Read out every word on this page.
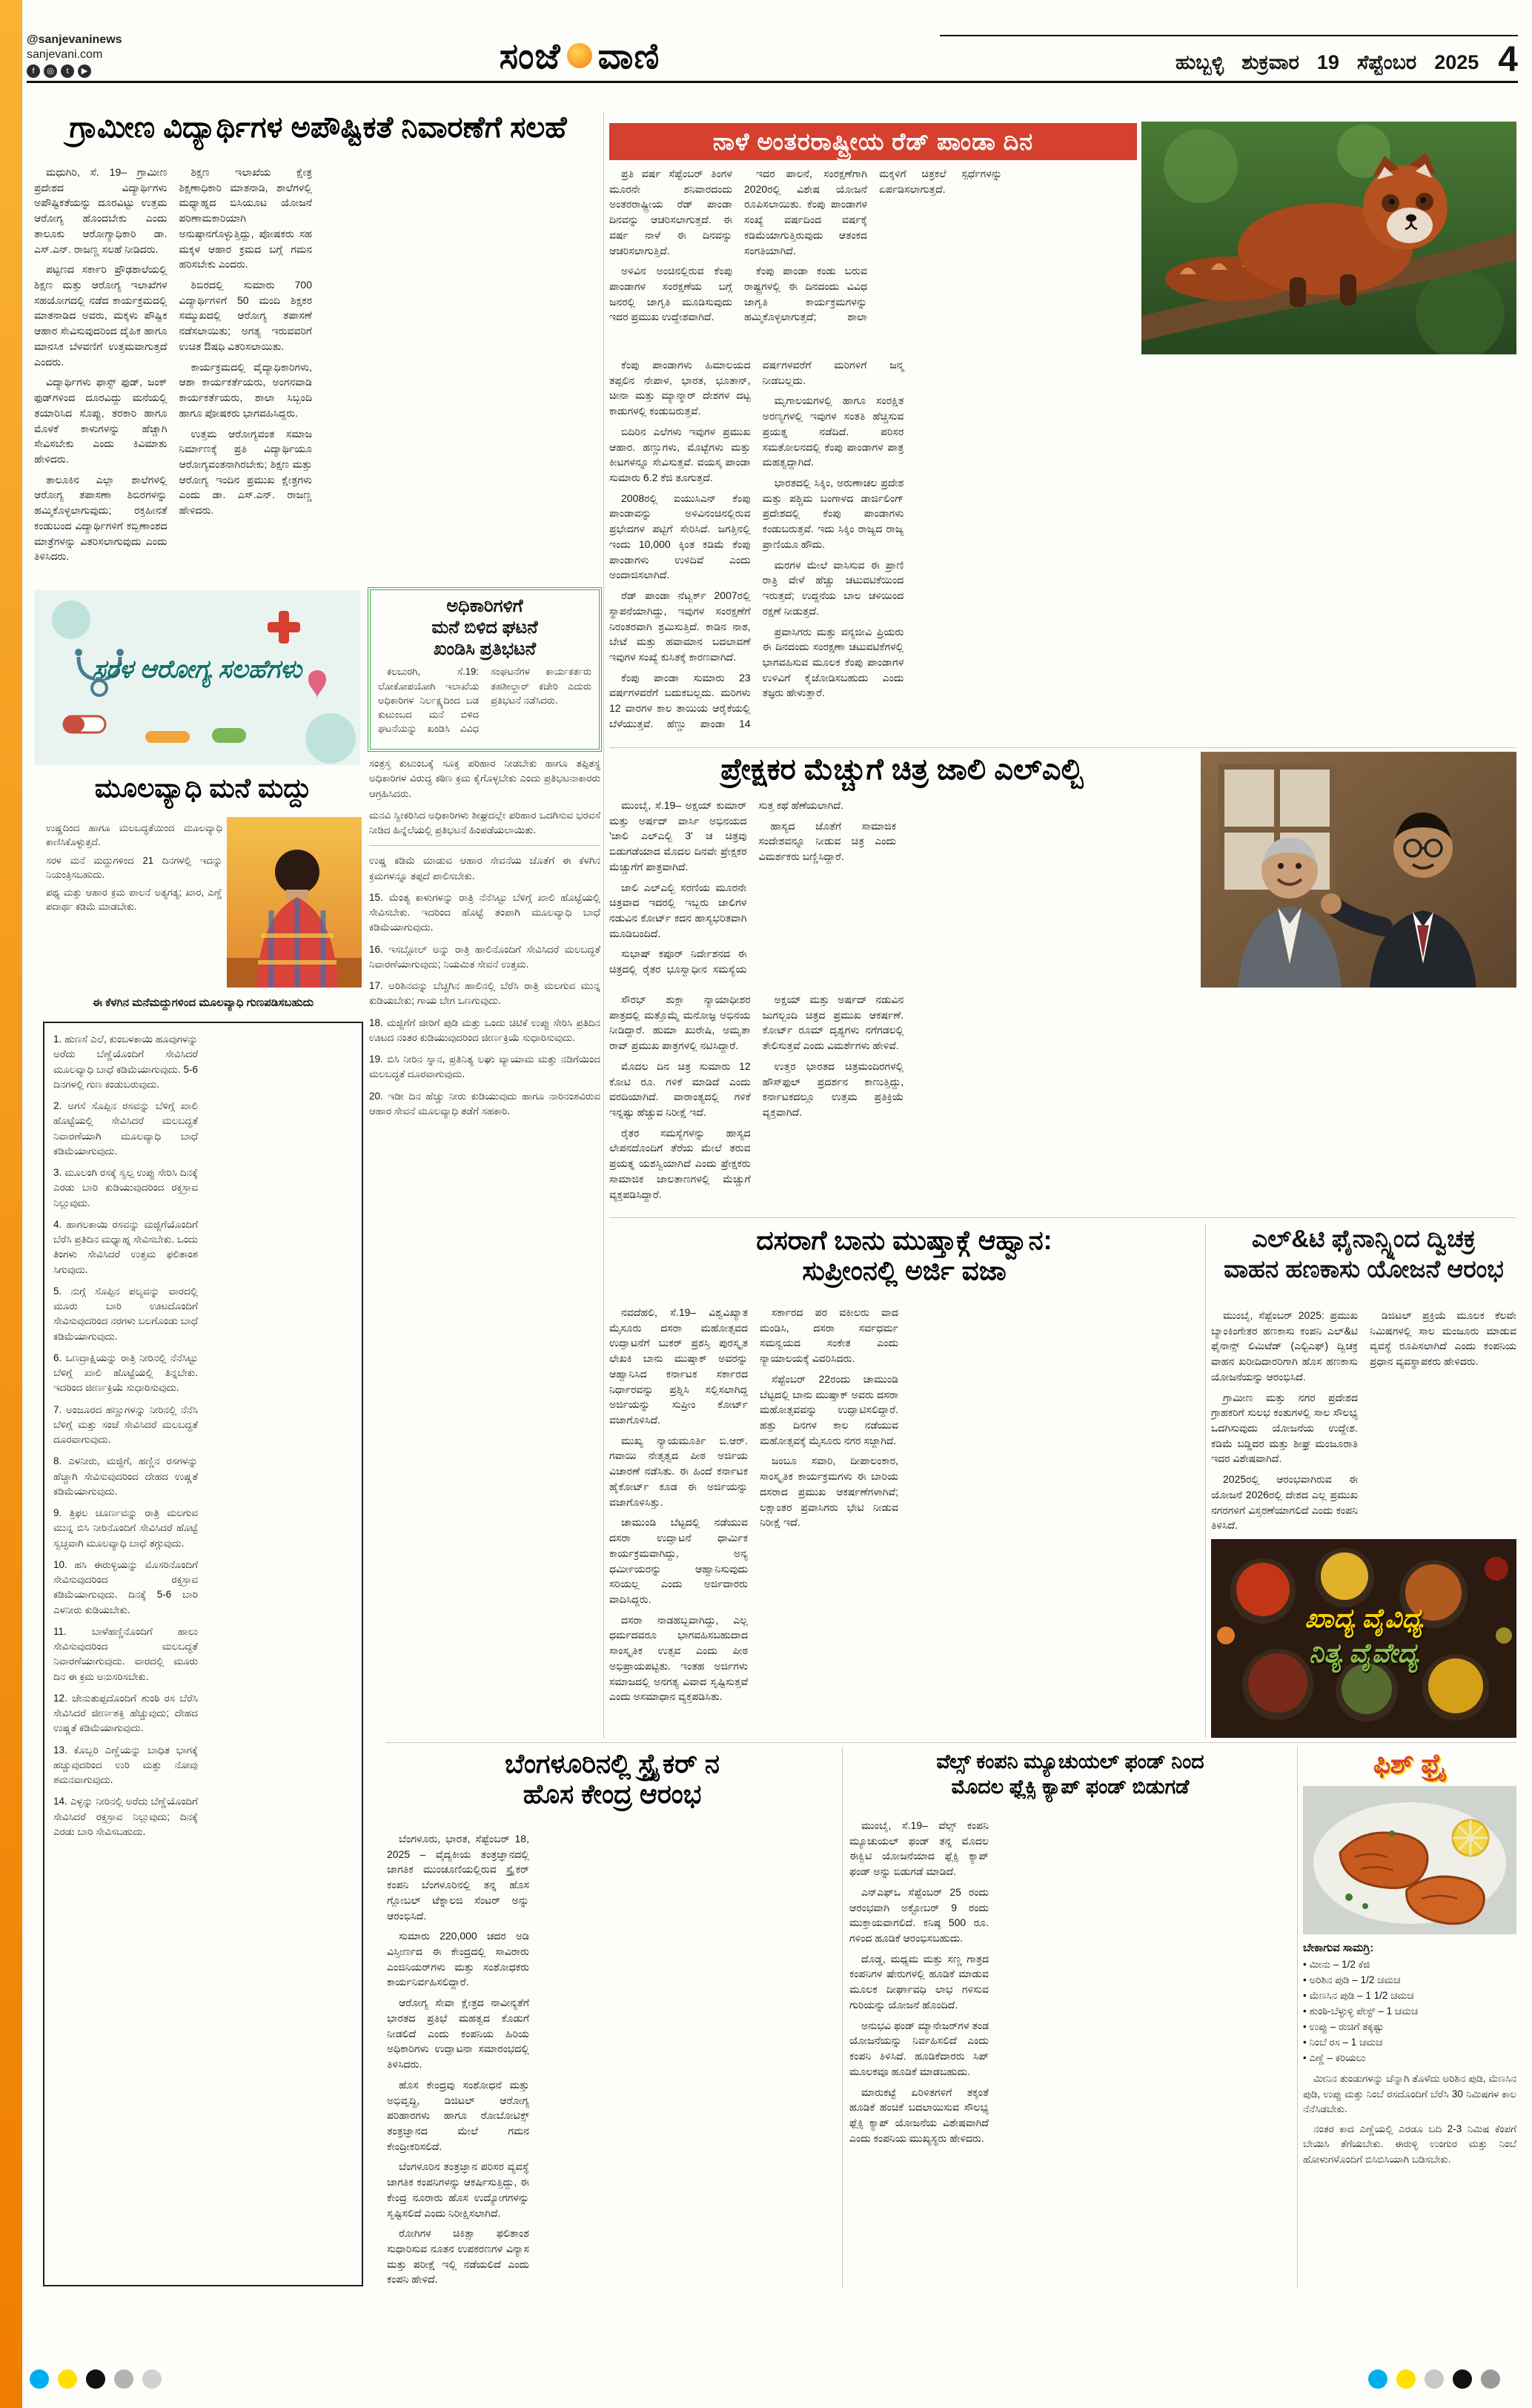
@sanjevaninews
sanjevani.com
f	◎	t	▶	ಸಂಜೆ ವಾಣಿ	ಹುಬ್ಬಳ್ಳಿ ಶುಕ್ರವಾರ 19 ಸೆಪ್ಟೆಂಬರ 2025 4
ಗ್ರಾಮೀಣ ವಿದ್ಯಾರ್ಥಿಗಳ ಅಪೌಷ್ಟಿಕತೆ ನಿವಾರಣೆಗೆ ಸಲಹೆ

ಮಧುಗಿರಿ, ಸೆ. 19– ಗ್ರಾಮೀಣ ಪ್ರದೇಶದ ವಿದ್ಯಾರ್ಥಿಗಳು ಅಪೌಷ್ಟಿಕತೆಯನ್ನು ದೂರವಿಟ್ಟು ಉತ್ತಮ ಆರೋಗ್ಯ ಹೊಂದಬೇಕು ಎಂದು ತಾಲೂಕು ಆರೋಗ್ಯಾಧಿಕಾರಿ ಡಾ. ಎಸ್.ಎನ್. ರಾಜಣ್ಣ ಸಲಹೆ ನೀಡಿದರು.

ಪಟ್ಟಣದ ಸರ್ಕಾರಿ ಪ್ರೌಢಶಾಲೆಯಲ್ಲಿ ಶಿಕ್ಷಣ ಮತ್ತು ಆರೋಗ್ಯ ಇಲಾಖೆಗಳ ಸಹಯೋಗದಲ್ಲಿ ನಡೆದ ಕಾರ್ಯಕ್ರಮದಲ್ಲಿ ಮಾತನಾಡಿದ ಅವರು, ಮಕ್ಕಳು ಪೌಷ್ಟಿಕ ಆಹಾರ ಸೇವಿಸುವುದರಿಂದ ದೈಹಿಕ ಹಾಗೂ ಮಾನಸಿಕ ಬೆಳವಣಿಗೆ ಉತ್ತಮವಾಗುತ್ತದೆ ಎಂದರು.

ವಿದ್ಯಾರ್ಥಿಗಳು ಫಾಸ್ಟ್ ಫುಡ್, ಜಂಕ್ ಫುಡ್‌ಗಳಿಂದ ದೂರವಿದ್ದು ಮನೆಯಲ್ಲಿ ತಯಾರಿಸಿದ ಸೊಪ್ಪು, ತರಕಾರಿ ಹಾಗೂ ಮೊಳಕೆ ಕಾಳುಗಳನ್ನು ಹೆಚ್ಚಾಗಿ ಸೇವಿಸಬೇಕು ಎಂದು ಕಿವಿಮಾತು ಹೇಳಿದರು.

ತಾಲೂಕಿನ ಎಲ್ಲಾ ಶಾಲೆಗಳಲ್ಲಿ ಆರೋಗ್ಯ ತಪಾಸಣಾ ಶಿಬಿರಗಳನ್ನು ಹಮ್ಮಿಕೊಳ್ಳಲಾಗುವುದು; ರಕ್ತಹೀನತೆ ಕಂಡುಬಂದ ವಿದ್ಯಾರ್ಥಿಗಳಿಗೆ ಕಬ್ಬಿಣಾಂಶದ ಮಾತ್ರೆಗಳನ್ನು ವಿತರಿಸಲಾಗುವುದು ಎಂದು ತಿಳಿಸಿದರು.

ಶಿಕ್ಷಣ ಇಲಾಖೆಯ ಕ್ಷೇತ್ರ ಶಿಕ್ಷಣಾಧಿಕಾರಿ ಮಾತನಾಡಿ, ಶಾಲೆಗಳಲ್ಲಿ ಮಧ್ಯಾಹ್ನದ ಬಿಸಿಯೂಟ ಯೋಜನೆ ಪರಿಣಾಮಕಾರಿಯಾಗಿ ಅನುಷ್ಠಾನಗೊಳ್ಳುತ್ತಿದ್ದು, ಪೋಷಕರು ಸಹ ಮಕ್ಕಳ ಆಹಾರ ಕ್ರಮದ ಬಗ್ಗೆ ಗಮನ ಹರಿಸಬೇಕು ಎಂದರು.

ಶಿಬಿರದಲ್ಲಿ ಸುಮಾರು 700 ವಿದ್ಯಾರ್ಥಿಗಳಿಗೆ 50 ಮಂದಿ ಶಿಕ್ಷಕರ ಸಮ್ಮುಖದಲ್ಲಿ ಆರೋಗ್ಯ ತಪಾಸಣೆ ನಡೆಸಲಾಯಿತು; ಅಗತ್ಯ ಇರುವವರಿಗೆ ಉಚಿತ ಔಷಧಿ ವಿತರಿಸಲಾಯಿತು.

ಕಾರ್ಯಕ್ರಮದಲ್ಲಿ ವೈದ್ಯಾಧಿಕಾರಿಗಳು, ಆಶಾ ಕಾರ್ಯಕರ್ತೆಯರು, ಅಂಗನವಾಡಿ ಕಾರ್ಯಕರ್ತೆಯರು, ಶಾಲಾ ಸಿಬ್ಬಂದಿ ಹಾಗೂ ಪೋಷಕರು ಭಾಗವಹಿಸಿದ್ದರು.

ಉತ್ತಮ ಆರೋಗ್ಯವಂತ ಸಮಾಜ ನಿರ್ಮಾಣಕ್ಕೆ ಪ್ರತಿ ವಿದ್ಯಾರ್ಥಿಯೂ ಆರೋಗ್ಯವಂತನಾಗಿರಬೇಕು; ಶಿಕ್ಷಣ ಮತ್ತು ಆರೋಗ್ಯ ಇಂದಿನ ಪ್ರಮುಖ ಕ್ಷೇತ್ರಗಳು ಎಂದು ಡಾ. ಎಸ್.ಎನ್. ರಾಜಣ್ಣ ಹೇಳಿದರು.

ಸರಳ ಆರೋಗ್ಯ ಸಲಹೆಗಳು

ಅಧಿಕಾರಿಗಳಿಗೆ

ಮನೆ ಬಿಳಿದ ಘಟನೆ

ಖಂಡಿಸಿ ಪ್ರತಿಭಟನೆ

ಕಲಬುರಗಿ, ಸೆ.19: ಲೋಕೋಪಯೋಗಿ ಇಲಾಖೆಯ ಅಧಿಕಾರಿಗಳ ನಿರ್ಲಕ್ಷ್ಯದಿಂದ ಬಡ ಕುಟುಂಬದ ಮನೆ ಬಿಳಿದ ಘಟನೆಯನ್ನು ಖಂಡಿಸಿ ವಿವಿಧ ಸಂಘಟನೆಗಳ ಕಾರ್ಯಕರ್ತರು ತಹಶೀಲ್ದಾರ್ ಕಚೇರಿ ಎದುರು ಪ್ರತಿಭಟನೆ ನಡೆಸಿದರು.

ಮೂಲವ್ಯಾಧಿ ಮನೆ ಮದ್ದು

ಉಷ್ಣದಿಂದ ಹಾಗೂ ಮಲಬದ್ಧತೆಯಿಂದ ಮೂಲವ್ಯಾಧಿ ಕಾಣಿಸಿಕೊಳ್ಳುತ್ತದೆ.

ಸರಳ ಮನೆ ಮದ್ದುಗಳಿಂದ 21 ದಿನಗಳಲ್ಲಿ ಇದನ್ನು ನಿಯಂತ್ರಿಸಬಹುದು.

ಪಥ್ಯ ಮತ್ತು ಆಹಾರ ಕ್ರಮ ಪಾಲನೆ ಅತ್ಯಗತ್ಯ; ಖಾರ, ಎಣ್ಣೆ ಪದಾರ್ಥ ಕಡಿಮೆ ಮಾಡಬೇಕು.

ಈ ಕೆಳಗಿನ ಮನೆಮದ್ದುಗಳಿಂದ ಮೂಲವ್ಯಾಧಿ ಗುಣಪಡಿಸಬಹುದು

1. ಹುಣಸೆ ಎಲೆ, ಕುಂಬಳಕಾಯಿ ಹೂವುಗಳನ್ನು ಅರೆದು ಬೆಣ್ಣೆಯೊಂದಿಗೆ ಸೇವಿಸಿದರೆ ಮೂಲವ್ಯಾಧಿ ಬಾಧೆ ಕಡಿಮೆಯಾಗುವುದು. 5-6 ದಿನಗಳಲ್ಲಿ ಗುಣ ಕಂಡುಬರುವುದು.

2. ಅಗಸೆ ಸೊಪ್ಪಿನ ರಸವನ್ನು ಬೆಳಿಗ್ಗೆ ಖಾಲಿ ಹೊಟ್ಟೆಯಲ್ಲಿ ಸೇವಿಸಿದರೆ ಮಲಬದ್ಧತೆ ನಿವಾರಣೆಯಾಗಿ ಮೂಲವ್ಯಾಧಿ ಬಾಧೆ ಕಡಿಮೆಯಾಗುವುದು.

3. ಮೂಲಂಗಿ ರಸಕ್ಕೆ ಸ್ವಲ್ಪ ಉಪ್ಪು ಸೇರಿಸಿ ದಿನಕ್ಕೆ ಎರಡು ಬಾರಿ ಕುಡಿಯುವುದರಿಂದ ರಕ್ತಸ್ರಾವ ನಿಲ್ಲುವುದು.

4. ಹಾಗಲಕಾಯಿ ರಸವನ್ನು ಮಜ್ಜಿಗೆಯೊಂದಿಗೆ ಬೆರೆಸಿ ಪ್ರತಿದಿನ ಮಧ್ಯಾಹ್ನ ಸೇವಿಸಬೇಕು. ಒಂದು ತಿಂಗಳು ಸೇವಿಸಿದರೆ ಉತ್ತಮ ಫಲಿತಾಂಶ ಸಿಗುವುದು.

5. ನುಗ್ಗೆ ಸೊಪ್ಪಿನ ಪಲ್ಯವನ್ನು ವಾರದಲ್ಲಿ ಮೂರು ಬಾರಿ ಊಟದೊಂದಿಗೆ ಸೇವಿಸುವುದರಿಂದ ನರಗಳು ಬಲಗೊಂಡು ಬಾಧೆ ಕಡಿಮೆಯಾಗುವುದು.

6. ಒಣದ್ರಾಕ್ಷಿಯನ್ನು ರಾತ್ರಿ ನೀರಿನಲ್ಲಿ ನೆನೆಸಿಟ್ಟು ಬೆಳಿಗ್ಗೆ ಖಾಲಿ ಹೊಟ್ಟೆಯಲ್ಲಿ ತಿನ್ನಬೇಕು. ಇದರಿಂದ ಜೀರ್ಣಕ್ರಿಯೆ ಸುಧಾರಿಸುವುದು.

7. ಅಂಜೂರದ ಹಣ್ಣುಗಳನ್ನು ನೀರಿನಲ್ಲಿ ನೆನೆಸಿ ಬೆಳಿಗ್ಗೆ ಮತ್ತು ಸಂಜೆ ಸೇವಿಸಿದರೆ ಮಲಬದ್ಧತೆ ದೂರವಾಗುವುದು.

8. ಎಳನೀರು, ಮಜ್ಜಿಗೆ, ಹಣ್ಣಿನ ರಸಗಳನ್ನು ಹೆಚ್ಚಾಗಿ ಸೇವಿಸುವುದರಿಂದ ದೇಹದ ಉಷ್ಣತೆ ಕಡಿಮೆಯಾಗುವುದು.

9. ತ್ರಿಫಲ ಚೂರ್ಣವನ್ನು ರಾತ್ರಿ ಮಲಗುವ ಮುನ್ನ ಬಿಸಿ ನೀರಿನೊಂದಿಗೆ ಸೇವಿಸಿದರೆ ಹೊಟ್ಟೆ ಸ್ವಚ್ಛವಾಗಿ ಮೂಲವ್ಯಾಧಿ ಬಾಧೆ ತಗ್ಗುವುದು.

10. ಹಸಿ ಈರುಳ್ಳಿಯನ್ನು ಮೊಸರಿನೊಂದಿಗೆ ಸೇವಿಸುವುದರಿಂದ ರಕ್ತಸ್ರಾವ ಕಡಿಮೆಯಾಗುವುದು. ದಿನಕ್ಕೆ 5-6 ಬಾರಿ ಎಳನೀರು ಕುಡಿಯಬೇಕು.

11. ಬಾಳೆಹಣ್ಣಿನೊಂದಿಗೆ ಹಾಲು ಸೇವಿಸುವುದರಿಂದ ಮಲಬದ್ಧತೆ ನಿವಾರಣೆಯಾಗುವುದು. ವಾರದಲ್ಲಿ ಮೂರು ದಿನ ಈ ಕ್ರಮ ಅನುಸರಿಸಬೇಕು.

12. ಜೇನುತುಪ್ಪದೊಂದಿಗೆ ಶುಂಠಿ ರಸ ಬೆರೆಸಿ ಸೇವಿಸಿದರೆ ಜೀರ್ಣಶಕ್ತಿ ಹೆಚ್ಚುವುದು; ದೇಹದ ಉಷ್ಣತೆ ಕಡಿಮೆಯಾಗುವುದು.

13. ಕೊಬ್ಬರಿ ಎಣ್ಣೆಯನ್ನು ಬಾಧಿತ ಭಾಗಕ್ಕೆ ಹಚ್ಚುವುದರಿಂದ ಉರಿ ಮತ್ತು ನೋವು ಶಮನವಾಗುವುದು.

14. ಎಳ್ಳನ್ನು ನೀರಿನಲ್ಲಿ ಅರೆದು ಬೆಣ್ಣೆಯೊಂದಿಗೆ ಸೇವಿಸಿದರೆ ರಕ್ತಸ್ರಾವ ನಿಲ್ಲುವುದು; ದಿನಕ್ಕೆ ಎರಡು ಬಾರಿ ಸೇವಿಸಬಹುದು.

ಸಂತ್ರಸ್ತ ಕುಟುಂಬಕ್ಕೆ ಸೂಕ್ತ ಪರಿಹಾರ ನೀಡಬೇಕು ಹಾಗೂ ತಪ್ಪಿತಸ್ಥ ಅಧಿಕಾರಿಗಳ ವಿರುದ್ಧ ಕಠಿಣ ಕ್ರಮ ಕೈಗೊಳ್ಳಬೇಕು ಎಂದು ಪ್ರತಿಭಟನಾಕಾರರು ಆಗ್ರಹಿಸಿದರು.

ಮನವಿ ಸ್ವೀಕರಿಸಿದ ಅಧಿಕಾರಿಗಳು ಶೀಘ್ರದಲ್ಲೇ ಪರಿಹಾರ ಒದಗಿಸುವ ಭರವಸೆ ನೀಡಿದ ಹಿನ್ನೆಲೆಯಲ್ಲಿ ಪ್ರತಿಭಟನೆ ಹಿಂಪಡೆಯಲಾಯಿತು.

ಉಷ್ಣ ಕಡಿಮೆ ಮಾಡುವ ಆಹಾರ ಸೇವನೆಯ ಜೊತೆಗೆ ಈ ಕೆಳಗಿನ ಕ್ರಮಗಳನ್ನೂ ತಪ್ಪದೆ ಪಾಲಿಸಬೇಕು.

15. ಮೆಂತ್ಯ ಕಾಳುಗಳನ್ನು ರಾತ್ರಿ ನೆನೆಸಿಟ್ಟು ಬೆಳಿಗ್ಗೆ ಖಾಲಿ ಹೊಟ್ಟೆಯಲ್ಲಿ ಸೇವಿಸಬೇಕು. ಇದರಿಂದ ಹೊಟ್ಟೆ ತಂಪಾಗಿ ಮೂಲವ್ಯಾಧಿ ಬಾಧೆ ಕಡಿಮೆಯಾಗುವುದು.

16. ಇಸಬ್ಗೋಲ್ ಅನ್ನು ರಾತ್ರಿ ಹಾಲಿನೊಂದಿಗೆ ಸೇವಿಸಿದರೆ ಮಲಬದ್ಧತೆ ನಿವಾರಣೆಯಾಗುವುದು; ನಿಯಮಿತ ಸೇವನೆ ಉತ್ತಮ.

17. ಅರಿಶಿನವನ್ನು ಬೆಚ್ಚಗಿನ ಹಾಲಿನಲ್ಲಿ ಬೆರೆಸಿ ರಾತ್ರಿ ಮಲಗುವ ಮುನ್ನ ಕುಡಿಯಬೇಕು; ಗಾಯ ಬೇಗ ಒಣಗುವುದು.

18. ಮಜ್ಜಿಗೆಗೆ ಜೀರಿಗೆ ಪುಡಿ ಮತ್ತು ಒಂದು ಚಿಟಿಕೆ ಉಪ್ಪು ಸೇರಿಸಿ ಪ್ರತಿದಿನ ಊಟದ ನಂತರ ಕುಡಿಯುವುದರಿಂದ ಜೀರ್ಣಕ್ರಿಯೆ ಸುಧಾರಿಸುವುದು.

19. ಬಿಸಿ ನೀರಿನ ಸ್ನಾನ, ಪ್ರತಿನಿತ್ಯ ಲಘು ವ್ಯಾಯಾಮ ಮತ್ತು ನಡಿಗೆಯಿಂದ ಮಲಬದ್ಧತೆ ದೂರವಾಗುವುದು.

20. ಇಡೀ ದಿನ ಹೆಚ್ಚು ನೀರು ಕುಡಿಯುವುದು ಹಾಗೂ ನಾರಿನಂಶವಿರುವ ಆಹಾರ ಸೇವನೆ ಮೂಲವ್ಯಾಧಿ ತಡೆಗೆ ಸಹಕಾರಿ.

ನಾಳೆ ಅಂತರರಾಷ್ಟ್ರೀಯ ರೆಡ್ ಪಾಂಡಾ ದಿನ

ಪ್ರತಿ ವರ್ಷ ಸೆಪ್ಟೆಂಬರ್ ತಿಂಗಳ ಮೂರನೇ ಶನಿವಾರದಂದು ಅಂತರರಾಷ್ಟ್ರೀಯ ರೆಡ್ ಪಾಂಡಾ ದಿನವನ್ನು ಆಚರಿಸಲಾಗುತ್ತದೆ. ಈ ವರ್ಷ ನಾಳೆ ಈ ದಿನವನ್ನು ಆಚರಿಸಲಾಗುತ್ತಿದೆ.

ಅಳಿವಿನ ಅಂಚಿನಲ್ಲಿರುವ ಕೆಂಪು ಪಾಂಡಾಗಳ ಸಂರಕ್ಷಣೆಯ ಬಗ್ಗೆ ಜನರಲ್ಲಿ ಜಾಗೃತಿ ಮೂಡಿಸುವುದು ಇದರ ಪ್ರಮುಖ ಉದ್ದೇಶವಾಗಿದೆ.

ಇದರ ಪಾಲನೆ, ಸಂರಕ್ಷಣೆಗಾಗಿ 2020ರಲ್ಲಿ ವಿಶೇಷ ಯೋಜನೆ ರೂಪಿಸಲಾಯಿತು. ಕೆಂಪು ಪಾಂಡಾಗಳ ಸಂಖ್ಯೆ ವರ್ಷದಿಂದ ವರ್ಷಕ್ಕೆ ಕಡಿಮೆಯಾಗುತ್ತಿರುವುದು ಆತಂಕದ ಸಂಗತಿಯಾಗಿದೆ.

ಕೆಂಪು ಪಾಂಡಾ ಕಂಡು ಬರುವ ರಾಷ್ಟ್ರಗಳಲ್ಲಿ ಈ ದಿನದಂದು ವಿವಿಧ ಜಾಗೃತಿ ಕಾರ್ಯಕ್ರಮಗಳನ್ನು ಹಮ್ಮಿಕೊಳ್ಳಲಾಗುತ್ತದೆ; ಶಾಲಾ ಮಕ್ಕಳಿಗೆ ಚಿತ್ರಕಲೆ ಸ್ಪರ್ಧೆಗಳನ್ನು ಏರ್ಪಡಿಸಲಾಗುತ್ತದೆ.

ಕೆಂಪು ಪಾಂಡಾಗಳು ಹಿಮಾಲಯದ ತಪ್ಪಲಿನ ನೇಪಾಳ, ಭಾರತ, ಭೂತಾನ್, ಚೀನಾ ಮತ್ತು ಮ್ಯಾನ್ಮಾರ್ ದೇಶಗಳ ದಟ್ಟ ಕಾಡುಗಳಲ್ಲಿ ಕಂಡುಬರುತ್ತವೆ.

ಬಿದಿರಿನ ಎಲೆಗಳು ಇವುಗಳ ಪ್ರಮುಖ ಆಹಾರ. ಹಣ್ಣುಗಳು, ಮೊಟ್ಟೆಗಳು ಮತ್ತು ಕೀಟಗಳನ್ನೂ ಸೇವಿಸುತ್ತವೆ. ವಯಸ್ಕ ಪಾಂಡಾ ಸುಮಾರು 6.2 ಕೆಜಿ ತೂಗುತ್ತದೆ.

2008ರಲ್ಲಿ ಐಯುಸಿಎನ್ ಕೆಂಪು ಪಾಂಡಾವನ್ನು ಅಳಿವಿನಂಚಿನಲ್ಲಿರುವ ಪ್ರಭೇದಗಳ ಪಟ್ಟಿಗೆ ಸೇರಿಸಿದೆ. ಜಗತ್ತಿನಲ್ಲಿ ಇಂದು 10,000 ಕ್ಕಿಂತ ಕಡಿಮೆ ಕೆಂಪು ಪಾಂಡಾಗಳು ಉಳಿದಿವೆ ಎಂದು ಅಂದಾಜಿಸಲಾಗಿದೆ.

ರೆಡ್ ಪಾಂಡಾ ನೆಟ್ವರ್ಕ್ 2007ರಲ್ಲಿ ಸ್ಥಾಪನೆಯಾಗಿದ್ದು, ಇವುಗಳ ಸಂರಕ್ಷಣೆಗೆ ನಿರಂತರವಾಗಿ ಶ್ರಮಿಸುತ್ತಿದೆ. ಕಾಡಿನ ನಾಶ, ಬೇಟೆ ಮತ್ತು ಹವಾಮಾನ ಬದಲಾವಣೆ ಇವುಗಳ ಸಂಖ್ಯೆ ಕುಸಿತಕ್ಕೆ ಕಾರಣವಾಗಿದೆ.

ಕೆಂಪು ಪಾಂಡಾ ಸುಮಾರು 23 ವರ್ಷಗಳವರೆಗೆ ಬದುಕಬಲ್ಲದು. ಮರಿಗಳು 12 ವಾರಗಳ ಕಾಲ ತಾಯಿಯ ಆರೈಕೆಯಲ್ಲಿ ಬೆಳೆಯುತ್ತವೆ. ಹೆಣ್ಣು ಪಾಂಡಾ 14 ವರ್ಷಗಳವರೆಗೆ ಮರಿಗಳಿಗೆ ಜನ್ಮ ನೀಡಬಲ್ಲದು.

ಮೃಗಾಲಯಗಳಲ್ಲಿ ಹಾಗೂ ಸಂರಕ್ಷಿತ ಅರಣ್ಯಗಳಲ್ಲಿ ಇವುಗಳ ಸಂತತಿ ಹೆಚ್ಚಿಸುವ ಪ್ರಯತ್ನ ನಡೆದಿದೆ. ಪರಿಸರ ಸಮತೋಲನದಲ್ಲಿ ಕೆಂಪು ಪಾಂಡಾಗಳ ಪಾತ್ರ ಮಹತ್ವದ್ದಾಗಿದೆ.

ಭಾರತದಲ್ಲಿ ಸಿಕ್ಕಿಂ, ಅರುಣಾಚಲ ಪ್ರದೇಶ ಮತ್ತು ಪಶ್ಚಿಮ ಬಂಗಾಳದ ಡಾರ್ಜಿಲಿಂಗ್ ಪ್ರದೇಶದಲ್ಲಿ ಕೆಂಪು ಪಾಂಡಾಗಳು ಕಂಡುಬರುತ್ತವೆ. ಇದು ಸಿಕ್ಕಿಂ ರಾಜ್ಯದ ರಾಜ್ಯ ಪ್ರಾಣಿಯೂ ಹೌದು.

ಮರಗಳ ಮೇಲೆ ವಾಸಿಸುವ ಈ ಪ್ರಾಣಿ ರಾತ್ರಿ ವೇಳೆ ಹೆಚ್ಚು ಚಟುವಟಿಕೆಯಿಂದ ಇರುತ್ತದೆ; ಉದ್ದನೆಯ ಬಾಲ ಚಳಿಯಿಂದ ರಕ್ಷಣೆ ನೀಡುತ್ತದೆ.

ಪ್ರವಾಸಿಗರು ಮತ್ತು ವನ್ಯಜೀವಿ ಪ್ರಿಯರು ಈ ದಿನದಂದು ಸಂರಕ್ಷಣಾ ಚಟುವಟಿಕೆಗಳಲ್ಲಿ ಭಾಗವಹಿಸುವ ಮೂಲಕ ಕೆಂಪು ಪಾಂಡಾಗಳ ಉಳಿವಿಗೆ ಕೈಜೋಡಿಸಬಹುದು ಎಂದು ತಜ್ಞರು ಹೇಳುತ್ತಾರೆ.

ಪ್ರೇಕ್ಷಕರ ಮೆಚ್ಚುಗೆ ಚಿತ್ರ ಜಾಲಿ ಎಲ್ಎಲ್ಬಿ

ಮುಂಬೈ, ಸೆ.19– ಅಕ್ಷಯ್ ಕುಮಾರ್ ಮತ್ತು ಅರ್ಷದ್ ವಾರ್ಸಿ ಅಭಿನಯದ 'ಜಾಲಿ ಎಲ್ಎಲ್ಬಿ 3' ಚ ಚಿತ್ರವು ಬಿಡುಗಡೆಯಾದ ಮೊದಲ ದಿನವೇ ಪ್ರೇಕ್ಷಕರ ಮೆಚ್ಚುಗೆಗೆ ಪಾತ್ರವಾಗಿದೆ.

ಜಾಲಿ ಎಲ್ಎಲ್ಬಿ ಸರಣಿಯ ಮೂರನೇ ಚಿತ್ರವಾದ ಇದರಲ್ಲಿ ಇಬ್ಬರು ಜಾಲಿಗಳ ನಡುವಿನ ಕೋರ್ಟ್ ಕದನ ಹಾಸ್ಯಭರಿತವಾಗಿ ಮೂಡಿಬಂದಿದೆ.

ಸುಭಾಷ್ ಕಪೂರ್ ನಿರ್ದೇಶನದ ಈ ಚಿತ್ರದಲ್ಲಿ ರೈತರ ಭೂಸ್ವಾಧೀನ ಸಮಸ್ಯೆಯ ಸುತ್ತ ಕಥೆ ಹೆಣೆಯಲಾಗಿದೆ.

ಹಾಸ್ಯದ ಜೊತೆಗೆ ಸಾಮಾಜಿಕ ಸಂದೇಶವನ್ನೂ ನೀಡುವ ಚಿತ್ರ ಎಂದು ವಿಮರ್ಶಕರು ಬಣ್ಣಿಸಿದ್ದಾರೆ.

ಸೌರಭ್ ಶುಕ್ಲಾ ನ್ಯಾಯಾಧೀಶರ ಪಾತ್ರದಲ್ಲಿ ಮತ್ತೊಮ್ಮೆ ಮನೋಜ್ಞ ಅಭಿನಯ ನೀಡಿದ್ದಾರೆ. ಹುಮಾ ಖುರೇಷಿ, ಅಮೃತಾ ರಾವ್ ಪ್ರಮುಖ ಪಾತ್ರಗಳಲ್ಲಿ ನಟಿಸಿದ್ದಾರೆ.

ಮೊದಲ ದಿನ ಚಿತ್ರ ಸುಮಾರು 12 ಕೋಟಿ ರೂ. ಗಳಿಕೆ ಮಾಡಿದೆ ಎಂದು ವರದಿಯಾಗಿದೆ. ವಾರಾಂತ್ಯದಲ್ಲಿ ಗಳಿಕೆ ಇನ್ನಷ್ಟು ಹೆಚ್ಚುವ ನಿರೀಕ್ಷೆ ಇದೆ.

ರೈತರ ಸಮಸ್ಯೆಗಳನ್ನು ಹಾಸ್ಯದ ಲೇಪನದೊಂದಿಗೆ ತೆರೆಯ ಮೇಲೆ ತರುವ ಪ್ರಯತ್ನ ಯಶಸ್ವಿಯಾಗಿದೆ ಎಂದು ಪ್ರೇಕ್ಷಕರು ಸಾಮಾಜಿಕ ಜಾಲತಾಣಗಳಲ್ಲಿ ಮೆಚ್ಚುಗೆ ವ್ಯಕ್ತಪಡಿಸಿದ್ದಾರೆ.

ಅಕ್ಷಯ್ ಮತ್ತು ಅರ್ಷದ್ ನಡುವಿನ ಜುಗಲ್ಬಂದಿ ಚಿತ್ರದ ಪ್ರಮುಖ ಆಕರ್ಷಣೆ. ಕೋರ್ಟ್ ರೂಮ್ ದೃಶ್ಯಗಳು ನಗೆಗಡಲಲ್ಲಿ ತೇಲಿಸುತ್ತವೆ ಎಂದು ವಿಮರ್ಶೆಗಳು ಹೇಳಿವೆ.

ಉತ್ತರ ಭಾರತದ ಚಿತ್ರಮಂದಿರಗಳಲ್ಲಿ ಹೌಸ್‌ಫುಲ್ ಪ್ರದರ್ಶನ ಕಾಣುತ್ತಿದ್ದು, ಕರ್ನಾಟಕದಲ್ಲೂ ಉತ್ತಮ ಪ್ರತಿಕ್ರಿಯೆ ವ್ಯಕ್ತವಾಗಿದೆ.

ದಸರಾಗೆ ಬಾನು ಮುಷ್ತಾಕ್ಗೆ ಆಹ್ವಾನ:
ಸುಪ್ರೀಂನಲ್ಲಿ ಅರ್ಜಿ ವಜಾ

ನವದೆಹಲಿ, ಸೆ.19– ವಿಶ್ವವಿಖ್ಯಾತ ಮೈಸೂರು ದಸರಾ ಮಹೋತ್ಸವದ ಉದ್ಘಾಟನೆಗೆ ಬುಕರ್ ಪ್ರಶಸ್ತಿ ಪುರಸ್ಕೃತ ಲೇಖಕಿ ಬಾನು ಮುಷ್ತಾಕ್ ಅವರನ್ನು ಆಹ್ವಾನಿಸಿದ ಕರ್ನಾಟಕ ಸರ್ಕಾರದ ನಿರ್ಧಾರವನ್ನು ಪ್ರಶ್ನಿಸಿ ಸಲ್ಲಿಸಲಾಗಿದ್ದ ಅರ್ಜಿಯನ್ನು ಸುಪ್ರೀಂ ಕೋರ್ಟ್ ವಜಾಗೊಳಿಸಿದೆ.

ಮುಖ್ಯ ನ್ಯಾಯಮೂರ್ತಿ ಬಿ.ಆರ್. ಗವಾಯಿ ನೇತೃತ್ವದ ಪೀಠ ಅರ್ಜಿಯ ವಿಚಾರಣೆ ನಡೆಸಿತು. ಈ ಹಿಂದೆ ಕರ್ನಾಟಕ ಹೈಕೋರ್ಟ್ ಕೂಡ ಈ ಅರ್ಜಿಯನ್ನು ವಜಾಗೊಳಿಸಿತ್ತು.

ಚಾಮುಂಡಿ ಬೆಟ್ಟದಲ್ಲಿ ನಡೆಯುವ ದಸರಾ ಉದ್ಘಾಟನೆ ಧಾರ್ಮಿಕ ಕಾರ್ಯಕ್ರಮವಾಗಿದ್ದು, ಅನ್ಯ ಧರ್ಮೀಯರನ್ನು ಆಹ್ವಾನಿಸುವುದು ಸರಿಯಲ್ಲ ಎಂದು ಅರ್ಜಿದಾರರು ವಾದಿಸಿದ್ದರು.

ದಸರಾ ನಾಡಹಬ್ಬವಾಗಿದ್ದು, ಎಲ್ಲ ಧರ್ಮದವರೂ ಭಾಗವಹಿಸಬಹುದಾದ ಸಾಂಸ್ಕೃತಿಕ ಉತ್ಸವ ಎಂದು ಪೀಠ ಅಭಿಪ್ರಾಯಪಟ್ಟಿತು. ಇಂತಹ ಅರ್ಜಿಗಳು ಸಮಾಜದಲ್ಲಿ ಅನಗತ್ಯ ವಿವಾದ ಸೃಷ್ಟಿಸುತ್ತವೆ ಎಂದು ಅಸಮಾಧಾನ ವ್ಯಕ್ತಪಡಿಸಿತು.

ಸರ್ಕಾರದ ಪರ ವಕೀಲರು ವಾದ ಮಂಡಿಸಿ, ದಸರಾ ಸರ್ವಧರ್ಮ ಸಮನ್ವಯದ ಸಂಕೇತ ಎಂದು ನ್ಯಾಯಾಲಯಕ್ಕೆ ವಿವರಿಸಿದರು.

ಸೆಪ್ಟೆಂಬರ್ 22ರಂದು ಚಾಮುಂಡಿ ಬೆಟ್ಟದಲ್ಲಿ ಬಾನು ಮುಷ್ತಾಕ್ ಅವರು ದಸರಾ ಮಹೋತ್ಸವವನ್ನು ಉದ್ಘಾಟಿಸಲಿದ್ದಾರೆ. ಹತ್ತು ದಿನಗಳ ಕಾಲ ನಡೆಯುವ ಮಹೋತ್ಸವಕ್ಕೆ ಮೈಸೂರು ನಗರ ಸಜ್ಜಾಗಿದೆ.

ಜಂಬೂ ಸವಾರಿ, ದೀಪಾಲಂಕಾರ, ಸಾಂಸ್ಕೃತಿಕ ಕಾರ್ಯಕ್ರಮಗಳು ಈ ಬಾರಿಯ ದಸರಾದ ಪ್ರಮುಖ ಆಕರ್ಷಣೆಗಳಾಗಿವೆ; ಲಕ್ಷಾಂತರ ಪ್ರವಾಸಿಗರು ಭೇಟಿ ನೀಡುವ ನಿರೀಕ್ಷೆ ಇದೆ.

ಎಲ್&ಟಿ ಫೈನಾನ್ಸ್ನಿಂದ ದ್ವಿಚಕ್ರ
ವಾಹನ ಹಣಕಾಸು ಯೋಜನೆ ಆರಂಭ

ಮುಂಬೈ, ಸೆಪ್ಟೆಂಬರ್ 2025: ಪ್ರಮುಖ ಬ್ಯಾಂಕಿಂಗೇತರ ಹಣಕಾಸು ಕಂಪನಿ ಎಲ್&ಟಿ ಫೈನಾನ್ಸ್ ಲಿಮಿಟೆಡ್ (ಎಲ್ಟಿಎಫ್) ದ್ವಿಚಕ್ರ ವಾಹನ ಖರೀದಿದಾರರಿಗಾಗಿ ಹೊಸ ಹಣಕಾಸು ಯೋಜನೆಯನ್ನು ಆರಂಭಿಸಿದೆ.

ಗ್ರಾಮೀಣ ಮತ್ತು ನಗರ ಪ್ರದೇಶದ ಗ್ರಾಹಕರಿಗೆ ಸುಲಭ ಕಂತುಗಳಲ್ಲಿ ಸಾಲ ಸೌಲಭ್ಯ ಒದಗಿಸುವುದು ಯೋಜನೆಯ ಉದ್ದೇಶ. ಕಡಿಮೆ ಬಡ್ಡಿದರ ಮತ್ತು ಶೀಘ್ರ ಮಂಜೂರಾತಿ ಇದರ ವಿಶೇಷವಾಗಿದೆ.

2025ರಲ್ಲಿ ಆರಂಭವಾಗಿರುವ ಈ ಯೋಜನೆ 2026ರಲ್ಲಿ ದೇಶದ ಎಲ್ಲ ಪ್ರಮುಖ ನಗರಗಳಿಗೆ ವಿಸ್ತರಣೆಯಾಗಲಿದೆ ಎಂದು ಕಂಪನಿ ತಿಳಿಸಿದೆ.

ಡಿಜಿಟಲ್ ಪ್ರಕ್ರಿಯೆ ಮೂಲಕ ಕೆಲವೇ ನಿಮಿಷಗಳಲ್ಲಿ ಸಾಲ ಮಂಜೂರು ಮಾಡುವ ವ್ಯವಸ್ಥೆ ರೂಪಿಸಲಾಗಿದೆ ಎಂದು ಕಂಪನಿಯ ಪ್ರಧಾನ ವ್ಯವಸ್ಥಾಪಕರು ಹೇಳಿದರು.

ಖಾದ್ಯ ವೈವಿಧ್ಯ
ನಿತ್ಯ ವೈವೇದ್ಯ
ಬೆಂಗಳೂರಿನಲ್ಲಿ ಸ್ಟ್ರೈಕರ್ ನ
ಹೊಸ ಕೇಂದ್ರ ಆರಂಭ

ಬೆಂಗಳೂರು, ಭಾರತ, ಸೆಪ್ಟೆಂಬರ್ 18, 2025 – ವೈದ್ಯಕೀಯ ತಂತ್ರಜ್ಞಾನದಲ್ಲಿ ಜಾಗತಿಕ ಮುಂಚೂಣಿಯಲ್ಲಿರುವ ಸ್ಟ್ರೈಕರ್ ಕಂಪನಿ ಬೆಂಗಳೂರಿನಲ್ಲಿ ತನ್ನ ಹೊಸ ಗ್ಲೋಬಲ್ ಟೆಕ್ನಾಲಜಿ ಸೆಂಟರ್ ಅನ್ನು ಆರಂಭಿಸಿದೆ.

ಸುಮಾರು 220,000 ಚದರ ಅಡಿ ವಿಸ್ತೀರ್ಣದ ಈ ಕೇಂದ್ರದಲ್ಲಿ ಸಾವಿರಾರು ಎಂಜಿನಿಯರ್‌ಗಳು ಮತ್ತು ಸಂಶೋಧಕರು ಕಾರ್ಯನಿರ್ವಹಿಸಲಿದ್ದಾರೆ.

ಆರೋಗ್ಯ ಸೇವಾ ಕ್ಷೇತ್ರದ ನಾವೀನ್ಯತೆಗೆ ಭಾರತದ ಪ್ರತಿಭೆ ಮಹತ್ವದ ಕೊಡುಗೆ ನೀಡಲಿದೆ ಎಂದು ಕಂಪನಿಯ ಹಿರಿಯ ಅಧಿಕಾರಿಗಳು ಉದ್ಘಾಟನಾ ಸಮಾರಂಭದಲ್ಲಿ ತಿಳಿಸಿದರು.

ಹೊಸ ಕೇಂದ್ರವು ಸಂಶೋಧನೆ ಮತ್ತು ಅಭಿವೃದ್ಧಿ, ಡಿಜಿಟಲ್ ಆರೋಗ್ಯ ಪರಿಹಾರಗಳು ಹಾಗೂ ರೋಬೋಟಿಕ್ಸ್ ತಂತ್ರಜ್ಞಾನದ ಮೇಲೆ ಗಮನ ಕೇಂದ್ರೀಕರಿಸಲಿದೆ.

ಬೆಂಗಳೂರಿನ ತಂತ್ರಜ್ಞಾನ ಪರಿಸರ ವ್ಯವಸ್ಥೆ ಜಾಗತಿಕ ಕಂಪನಿಗಳನ್ನು ಆಕರ್ಷಿಸುತ್ತಿದ್ದು, ಈ ಕೇಂದ್ರ ನೂರಾರು ಹೊಸ ಉದ್ಯೋಗಗಳನ್ನು ಸೃಷ್ಟಿಸಲಿದೆ ಎಂದು ನಿರೀಕ್ಷಿಸಲಾಗಿದೆ.

ರೋಗಿಗಳ ಚಿಕಿತ್ಸಾ ಫಲಿತಾಂಶ ಸುಧಾರಿಸುವ ನೂತನ ಉಪಕರಣಗಳ ವಿನ್ಯಾಸ ಮತ್ತು ಪರೀಕ್ಷೆ ಇಲ್ಲಿ ನಡೆಯಲಿದೆ ಎಂದು ಕಂಪನಿ ಹೇಳಿದೆ.

ವೆಲ್ಸ್ ಕಂಪನಿ ಮ್ಯೂಚುಯಲ್ ಫಂಡ್ ನಿಂದ
ಮೊದಲ ಫ್ಲೆಕ್ಸಿ ಕ್ಯಾಪ್ ಫಂಡ್ ಬಿಡುಗಡೆ

ಮುಂಬೈ, ಸೆ.19– ವೆಲ್ಸ್ ಕಂಪನಿ ಮ್ಯೂಚುಯಲ್ ಫಂಡ್ ತನ್ನ ಮೊದಲ ಈಕ್ವಿಟಿ ಯೋಜನೆಯಾದ ಫ್ಲೆಕ್ಸಿ ಕ್ಯಾಪ್ ಫಂಡ್ ಅನ್ನು ಬಿಡುಗಡೆ ಮಾಡಿದೆ.

ಎನ್ಎಫ್ಒ ಸೆಪ್ಟೆಂಬರ್ 25 ರಂದು ಆರಂಭವಾಗಿ ಅಕ್ಟೋಬರ್ 9 ರಂದು ಮುಕ್ತಾಯವಾಗಲಿದೆ. ಕನಿಷ್ಠ 500 ರೂ. ಗಳಿಂದ ಹೂಡಿಕೆ ಆರಂಭಿಸಬಹುದು.

ದೊಡ್ಡ, ಮಧ್ಯಮ ಮತ್ತು ಸಣ್ಣ ಗಾತ್ರದ ಕಂಪನಿಗಳ ಷೇರುಗಳಲ್ಲಿ ಹೂಡಿಕೆ ಮಾಡುವ ಮೂಲಕ ದೀರ್ಘಾವಧಿ ಲಾಭ ಗಳಿಸುವ ಗುರಿಯನ್ನು ಯೋಜನೆ ಹೊಂದಿದೆ.

ಅನುಭವಿ ಫಂಡ್ ಮ್ಯಾನೇಜರ್‌ಗಳ ತಂಡ ಯೋಜನೆಯನ್ನು ನಿರ್ವಹಿಸಲಿದೆ ಎಂದು ಕಂಪನಿ ತಿಳಿಸಿದೆ. ಹೂಡಿಕೆದಾರರು ಸಿಪ್ ಮೂಲಕವೂ ಹೂಡಿಕೆ ಮಾಡಬಹುದು.

ಮಾರುಕಟ್ಟೆ ಏರಿಳಿತಗಳಿಗೆ ತಕ್ಕಂತೆ ಹೂಡಿಕೆ ಹಂಚಿಕೆ ಬದಲಾಯಿಸುವ ಸೌಲಭ್ಯ ಫ್ಲೆಕ್ಸಿ ಕ್ಯಾಪ್ ಯೋಜನೆಯ ವಿಶೇಷವಾಗಿದೆ ಎಂದು ಕಂಪನಿಯ ಮುಖ್ಯಸ್ಥರು ಹೇಳಿದರು.

ಫಿಶ್ ಫ್ರೈ
ಬೇಕಾಗುವ ಸಾಮಗ್ರಿ:

• ಮೀನು – 1/2 ಕೆಜಿ

• ಅರಿಶಿನ ಪುಡಿ – 1/2 ಚಮಚ

• ಮೆಣಸಿನ ಪುಡಿ – 1 1/2 ಚಮಚ

• ಶುಂಠಿ-ಬೆಳ್ಳುಳ್ಳಿ ಪೇಸ್ಟ್ – 1 ಚಮಚ

• ಉಪ್ಪು – ರುಚಿಗೆ ತಕ್ಕಷ್ಟು

• ನಿಂಬೆ ರಸ – 1 ಚಮಚ

• ಎಣ್ಣೆ – ಕರಿಯಲು

ಮೀನಿನ ತುಂಡುಗಳನ್ನು ಚೆನ್ನಾಗಿ ತೊಳೆದು ಅರಿಶಿನ ಪುಡಿ, ಮೆಣಸಿನ ಪುಡಿ, ಉಪ್ಪು ಮತ್ತು ನಿಂಬೆ ರಸದೊಂದಿಗೆ ಬೆರೆಸಿ 30 ನಿಮಿಷಗಳ ಕಾಲ ನೆನೆಸಿಡಬೇಕು.

ನಂತರ ಕಾದ ಎಣ್ಣೆಯಲ್ಲಿ ಎರಡೂ ಬದಿ 2-3 ನಿಮಿಷ ಕೆಂಪಗೆ ಬೇಯಿಸಿ ತೆಗೆಯಬೇಕು. ಈರುಳ್ಳಿ ಉಂಗುರ ಮತ್ತು ನಿಂಬೆ ಹೋಳುಗಳೊಂದಿಗೆ ಬಿಸಿಬಿಸಿಯಾಗಿ ಬಡಿಸಬೇಕು.
